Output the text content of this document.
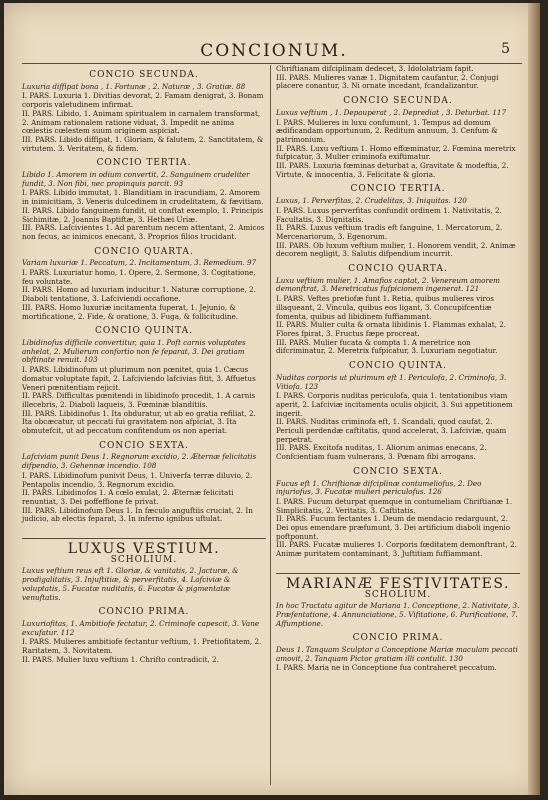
CONCIONUM.	5
CONCIO SECUNDA.

Luxuria diffipat bona , 1. Fortunæ , 2. Naturæ , 3. Gratiæ. 88

I. PARS. Luxuria 1. Divitias devorat, 2. Famam denigrat, 3. Bonam corporis valetudinem infirmat.

II. PARS. Libido, 1. Animam spiritualem in carnalem transformat, 2. Animam rationalem ratione viduat, 3. Impedit ne anima cœlestis cœlestem suum originem aspiciat.

III. PARS. Libido diffipat, 1. Gloriam, & falutem, 2. Sanctitatem, & virtutem. 3. Veritatem, & fidem.

CONCIO TERTIA.

Libido 1. Amorem in odium convertit, 2. Sanguinem crudeliter fundit, 3. Non fibi, nec propinquis parcit. 93

I. PARS. Libido immutat, 1. Blanditiam in iracundiam, 2. Amorem in inimicitiam, 3. Veneris dulcedinem in crudelitatem, & fævitiam.

II. PARS. Libido fanguinem fundit, ut conftat exemplo, 1. Principis Sichimitæ, 2. Joannis Baptiftæ, 3. Hethæi Uriæ.

III. PARS. Lafcivientes 1. Ad parentum necem attentant, 2. Amicos non fecus, ac inimicos enecant, 3. Proprios filios trucidant.

CONCIO QUARTA.

Variam luxuriæ 1. Peccatum, 2. Incitamentum, 3. Remedium. 97

I. PARS. Luxuriatur homo, 1. Opere, 2. Sermone, 3. Cogitatione, feu voluntate.

II. PARS. Homo ad luxuriam inducitur 1. Naturæ corruptione, 2. Diaboli tentatione, 3. Lafciviendi occafione.

III. PARS. Homo luxuriæ incitamenta fuperat, 1. Jejunio, & mortificatione, 2. Fide, & oratione, 3. Fuga, & follicitudine.

CONCIO QUINTA.

Libidinofus difficile convertitur, quia 1. Poft carnis voluptates anhelat, 2. Mulierum confortio non fe feparat, 3. Dei gratiam obftinate renuit. 103

I. PARS. Libidinofum ut plurimum non pœnitet, quia 1. Cæcus domatur voluptate fapit, 2. Lafciviendo lafcivias fitit, 3. Affuetus Veneri pœnitentiam rejicit.

II. PARS. Difficultas pœnitendi in libidinofo procedit, 1. A carnis illecebris, 2. Diaboli laqueis, 3. Fœminæ blanditiis.

III. PARS. Libidinofus 1. Ita obduratur, ut ab eo gratia refiliat, 2. Ita obcæcatur, ut peccati fui gravitatem non afpiciat, 3. Ita obmutefcit, ut ad peccatum confitendum os non aperiat.

CONCIO SEXTA.

Lafciviam punit Deus 1. Regnorum excidio, 2. Æternæ felicitatis difpendio, 3. Gehennæ incendio. 108

I. PARS. Libidinofum punivit Deus, 1. Univerfa terræ diluvio, 2. Pentapolis incendio, 3. Regnorum excidio.

II. PARS. Libidinofos 1. A cœlo exulat, 2. Æternæ felicitati renuntiat, 3. Dei poffeffione fe privat.

III. PARS. Libidinofum Deus 1. In fæculo anguftiis cruciat, 2. In judicio, ab electis feparat, 3. In inferno ignibus uftulat.

LUXUS VESTIUM.
SCHOLIUM.

Luxus veftium reus eft 1. Gloriæ, & vanitatis, 2. Jacturæ, & prodigalitatis, 3. Injuftitiæ, & perverfitatis, 4. Lafciviæ & voluptatis, 5. Fucatæ nuditatis, 6. Fucatæ & pigmentatæ venuftatis.

CONCIO PRIMA.

Luxuriofitas, 1. Ambitiofe fectatur, 2. Criminofe capescit, 3. Vane excufatur. 112

I. PARS. Mulieres ambitiofe fectantur veftium, 1. Pretiofitatem, 2. Raritatem, 3. Novitatem.

II. PARS. Mulier luxu veftium 1. Chrifto contradicit, 2.

Chriftianam difciplinam dedecet, 3. Idololatriam fapit.

III. PARS. Mulieres vanæ 1. Dignitatem caufantur, 2. Conjugi placere conantur, 3. Ni ornate incedant, fcandalizantur.

CONCIO SECUNDA.

Luxus veftium , 1. Depauperat , 2. Deprediat , 3. Deturbat. 117

I. PARS. Mulieres in luxu confumunt, 1. Tempus ad domum ædificandam opportunum, 2. Reditum annuum, 3. Cenfum & patrimonium.

II. PARS. Luxu veftium 1. Homo effœminatur, 2. Fœmina meretrix fufpicatur, 3. Mulier criminofa exiftimatur.

III. PARS. Luxuria fœminas deturbat a, Gravitate & modeftia, 2. Virtute, & innocentia, 3. Felicitate & gloria.

CONCIO TERTIA.

Luxus, 1. Perverfitas, 2. Crudelitas, 3. Iniquitas. 120

I. PARS. Luxus perverfitas confundit ordinem 1. Nativitatis, 2. Facultatis, 3. Dignitatis.

II. PARS. Luxus veftium tradis eft fanguine, 1. Mercatorum, 2. Mercenariorum, 3. Egenorum.

III. PARS. Ob luxum veftium mulier, 1. Honorem vendit, 2. Animæ decorem negligit, 3. Salutis difpendium incurrit.

CONCIO QUARTA.

Luxu veftium mulier, 1. Amafios captat, 2. Venereum amorem demonftrat, 3. Meretricatus fufpicionem ingenerat. 121

I. PARS. Veftes pretiofæ funt 1. Retia, quibus mulieres viros illaqueant, 2. Vincula, quibus eos ligant, 3. Concupifcentiæ fomenta, quibus ad libidinem fuffiammant.

II. PARS. Mulier culta & ornata libidinis 1. Flammas exhalat, 2. Flores fpirat, 3. Fructus fæpe procreat.

III. PARS. Mulier fucata & compta 1. A meretrice non difcriminatur, 2. Meretrix fufpicatur, 3. Luxuriam negotiatur.

CONCIO QUINTA.

Nuditas corporis ut plurimum eft 1. Periculofa, 2. Criminofa, 3. Vitiofa. 123

I. PARS. Corporis nuditas periculofa, quia 1. tentationibus viam aperit, 2. Lafciviæ incitamenta oculis objicit, 3. Sui appetitionem ingerit.

II. PARS. Nuditas criminofa eft, 1. Scandali, quod caufat, 2. Periculi perdendæ caftitatis, quod accelerat, 3. Lafciviæ, quam perpetrat.

III. PARS. Excitofa nuditas, 1. Aliorum animas enecans, 2. Confcientiam fuam vulnerans, 3. Pœnam fibi arrogans.

CONCIO SEXTA.

Fucus eft 1. Chriftianæ difciplinæ contumeliofus, 2. Deo injuriofus, 3. Fucatæ mulieri periculofus. 126

I. PARS. Fucum deturpat quemque in contumeliam Chriftianæ 1. Simplicitatis, 2. Veritatis, 3. Caftitatis.

II. PARS. Fucum fectantes 1. Deum de mendacio redarguunt, 2. Dei opus emendare præfumunt, 3. Dei artificium diaboli ingenio poftponunt.

III. PARS. Fucatæ mulieres 1. Corporis fœditatem demonftrant, 2. Animæ puritatem contaminant, 3. Juftitiam fuffiammant.

MARIANÆ FESTIVITATES.
SCHOLIUM.

In hoc Tractatu agitur de Mariana 1. Conceptione, 2. Nativitate, 3. Præfentatione, 4. Annunciatione, 5. Vifitatione, 6. Purificatione, 7. Affumptione.

CONCIO PRIMA.

Deus 1. Tanquam Sculptor a Conceptione Mariæ maculam peccati amovit, 2. Tanquam Pictor gratiam illi contulit. 130

I. PARS. Maria ne in Conceptione fua contraheret peccatum.
